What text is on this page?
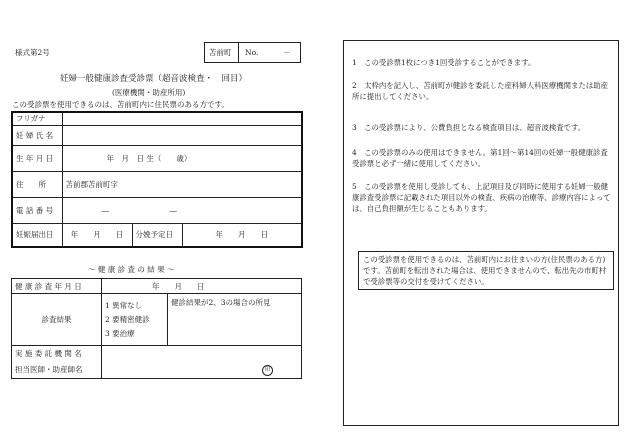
様式第2号	苫前町 No.	－
妊婦一般健康診査受診票（超音波検査・　回目）
(医療機関・助産所用)
この受診票を使用できるのは、苫前町内に住民票のある方です。
フリガナ			
妊 婦 氏 名			
生 年 月 日	年　月　日 生（　　歳）		
住　　所	苫前郡苫前町字		
電 話 番 号	― ―		
妊娠届出日	年　　月　　日	分娩予定日	年　　月　　日
～ 健 康 診 査 の 結 果 ～
健 康 診 査 年 月 日	年　　月　　日	
診査結果	1 異常なし
2 要精密健診
3 要治療	健診結果が2、3の場合の所見

実 施 委 託 機 関 名
担当医師・助産師名	印	
1　この受診票1枚につき1回受診することができます。
2　太枠内を記入し、苫前町が健診を委託した産科婦人科医療機関または助産所に提出してください。
3　この受診票により、公費負担となる検査項目は、超音波検査です。
4　この受診票のみの使用はできません。第1回〜第14回の妊婦一般健康診査受診票と必ず一緒に使用してください。
5　この受診票を使用し受診しても、上記項目及び同時に使用する妊婦一般健康診査受診票に記載された項目以外の検査、疾病の治療等、診療内容によっては、自己負担額が生じることもあります。
この受診票を使用できるのは、苫前町内にお住まいの方(住民票のある方)です。苫前町を転出された場合は、使用できませんので、転出先の市町村で受診票等の交付を受けてください。
